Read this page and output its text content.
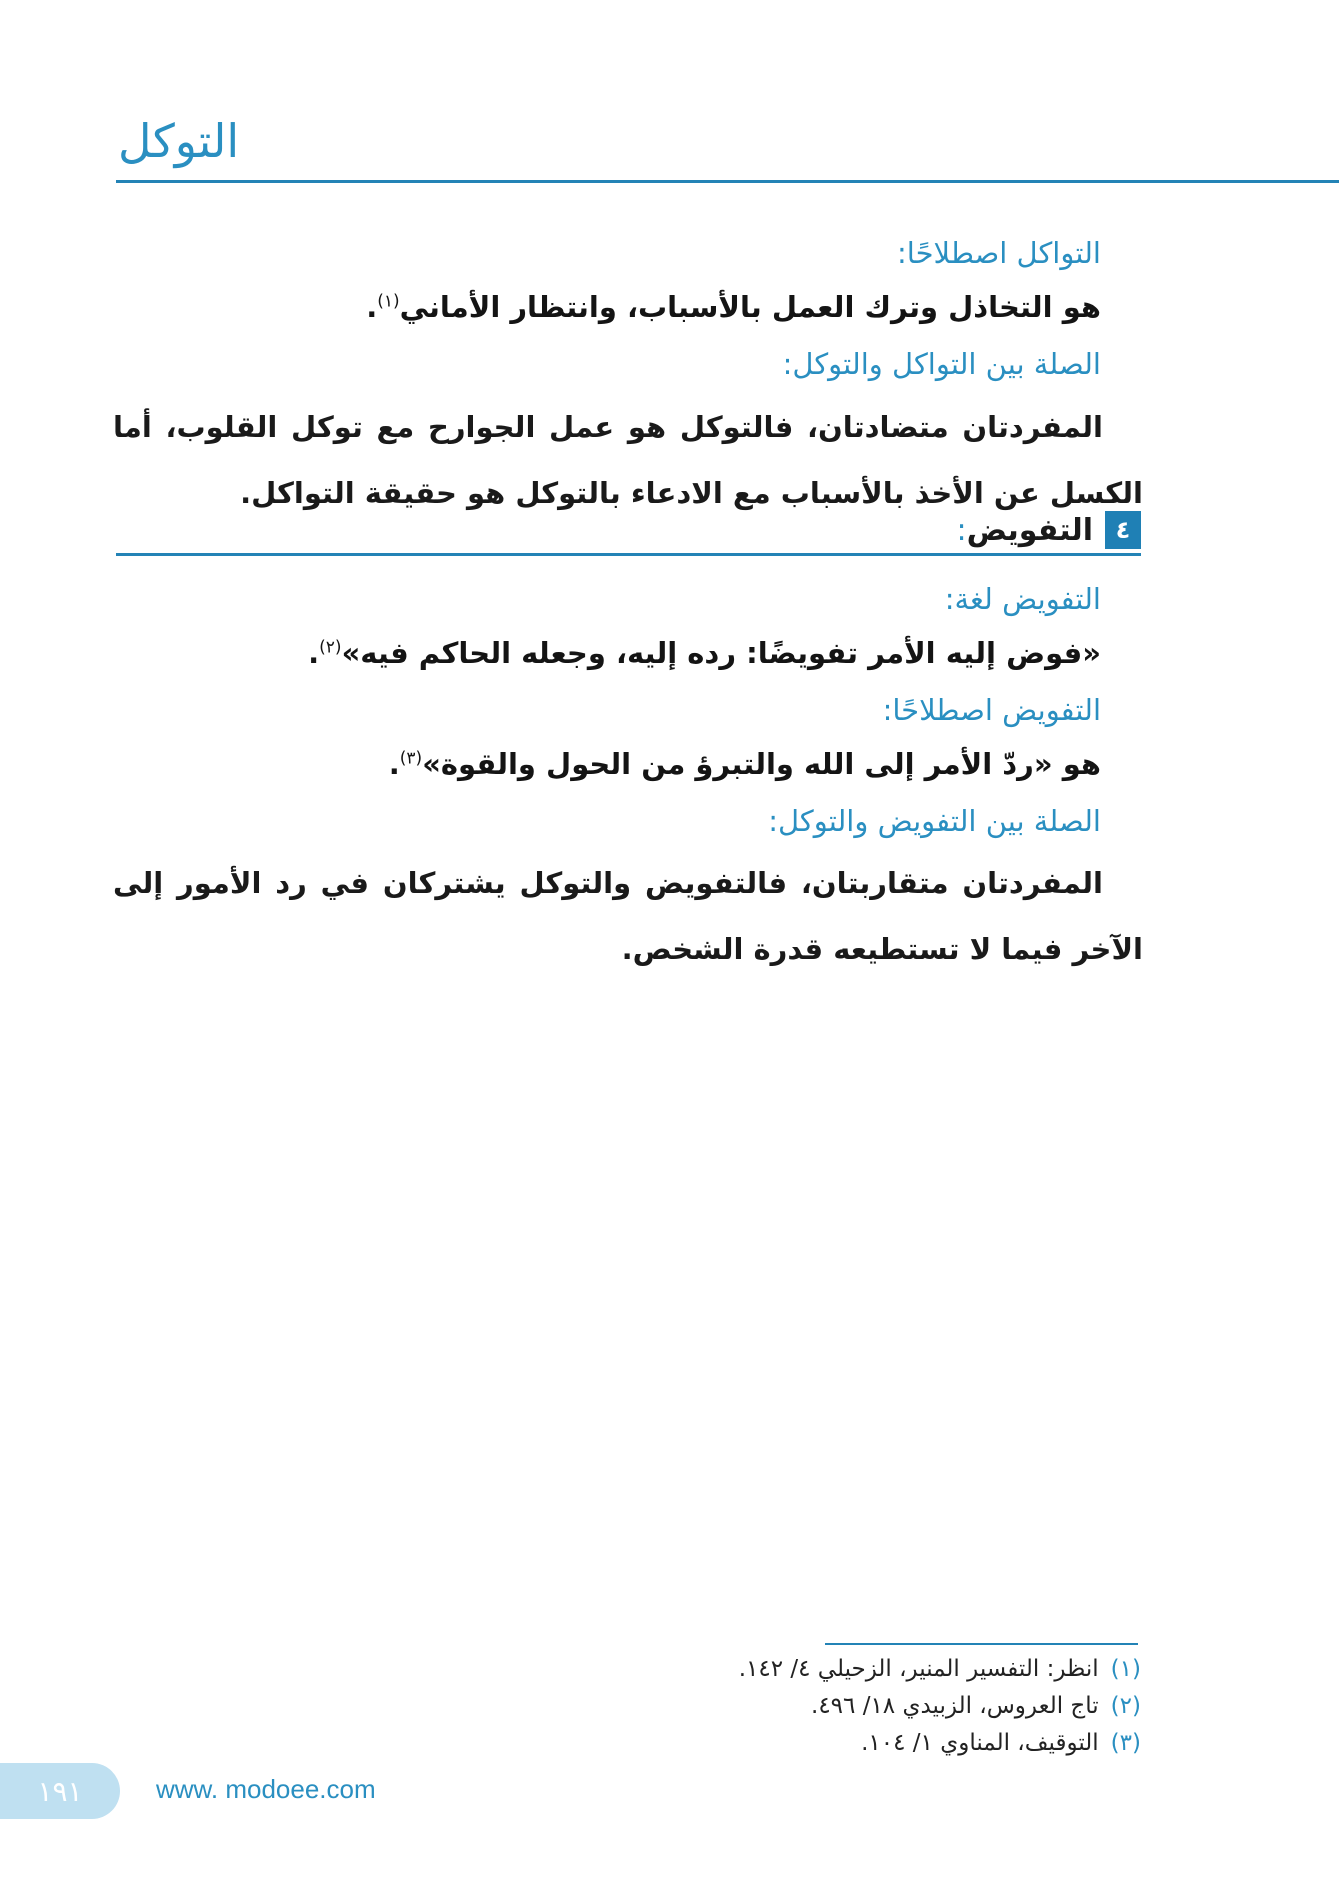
التوكل
التواكل اصطلاحًا:
هو التخاذل وترك العمل بالأسباب، وانتظار الأماني$^{(١)}$.
الصلة بين التواكل والتوكل:
المفردتان متضادتان، فالتوكل هو عمل الجوارح مع توكل القلوب، أما الكسل عن الأخذ بالأسباب مع الادعاء بالتوكل هو حقيقة التواكل.
٤
التفويض:
التفويض لغة:
«فوض إليه الأمر تفويضًا: رده إليه، وجعله الحاكم فيه»$^{(٢)}$.
التفويض اصطلاحًا:
هو «ردّ الأمر إلى الله والتبرؤ من الحول والقوة»$^{(٣)}$.
الصلة بين التفويض والتوكل:
المفردتان متقاربتان، فالتفويض والتوكل يشتركان في رد الأمور إلى الآخر فيما لا تستطيعه قدرة الشخص.
(١)انظر: التفسير المنير، الزحيلي ٤/ ١٤٢.
(٢)تاج العروس، الزبيدي ١٨/ ٤٩٦.
(٣)التوقيف، المناوي ١/ ١٠٤.
١٩١	www. modoee.com
